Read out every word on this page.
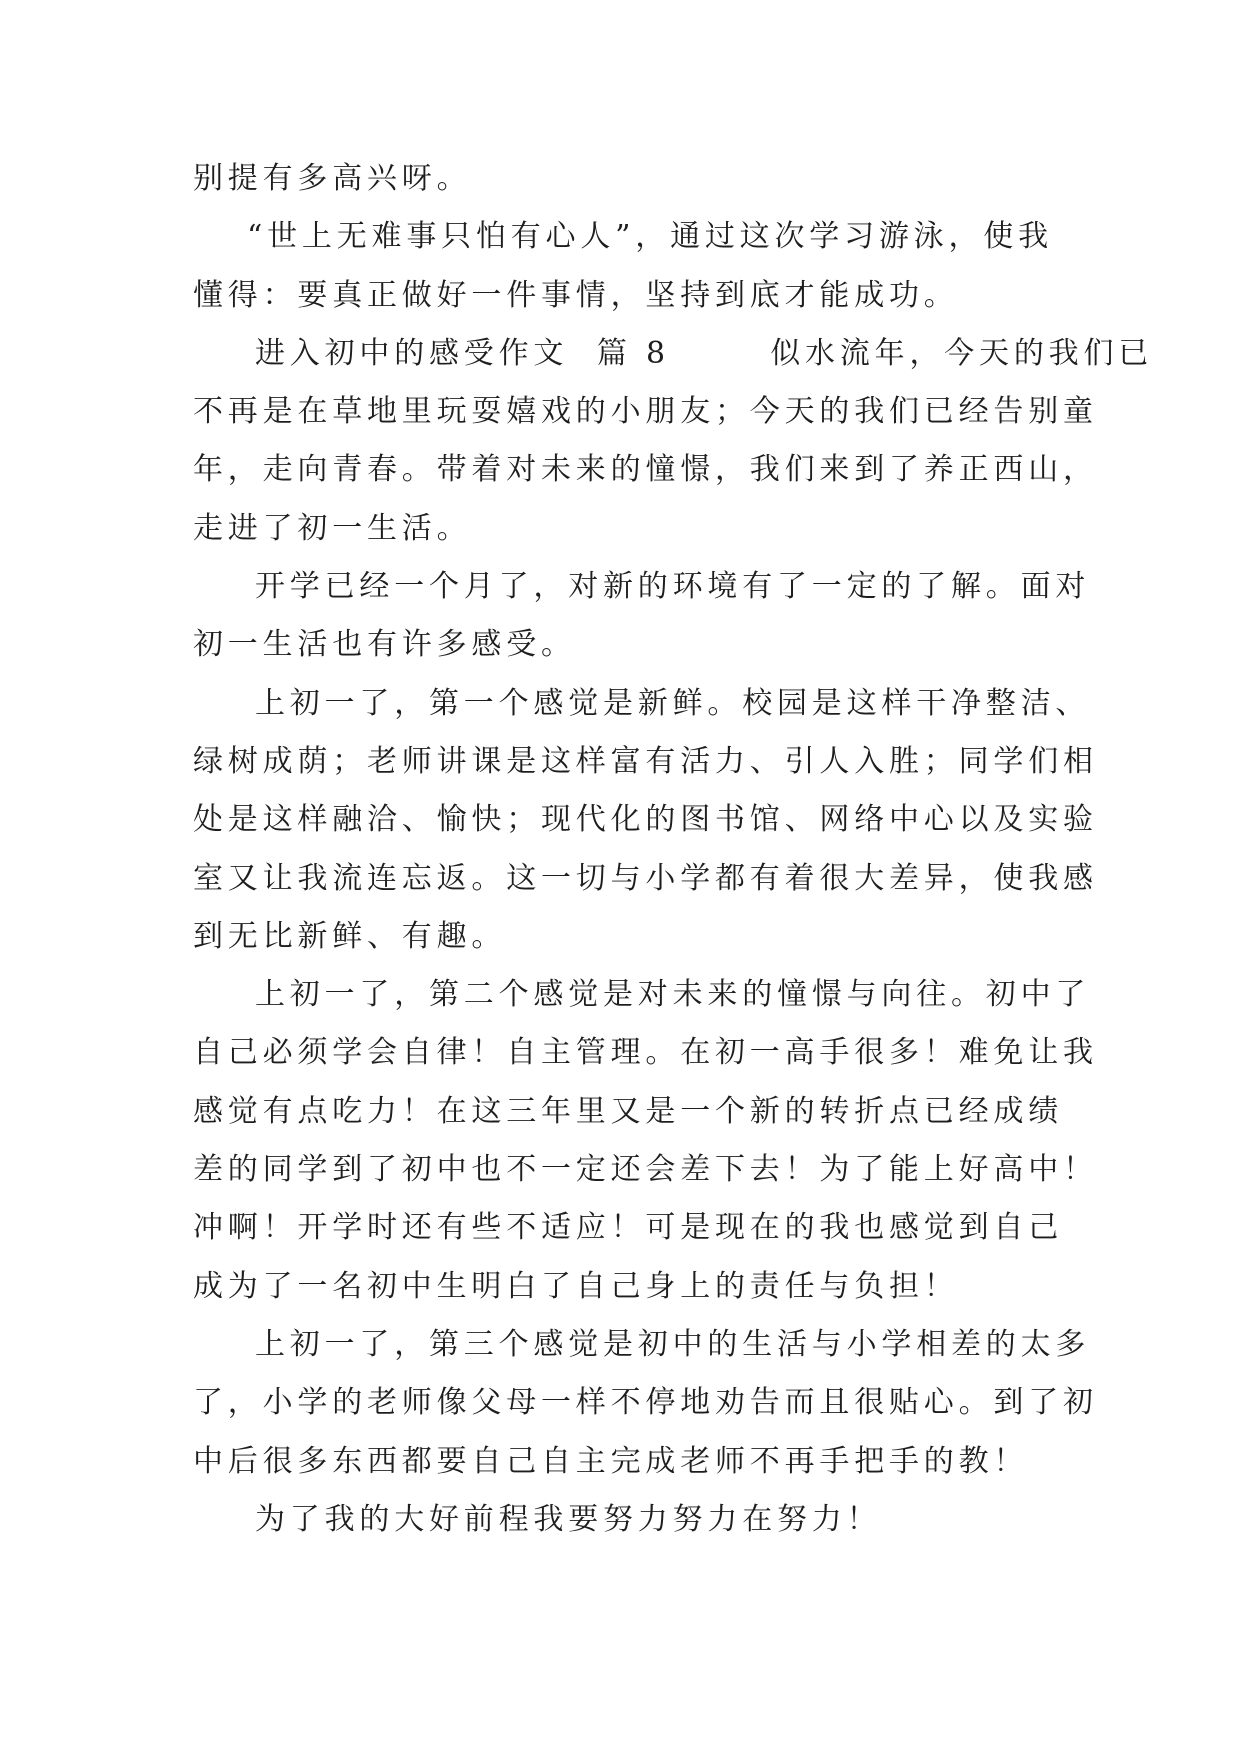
别提有多高兴呀。
“世上无难事只怕有心人”，通过这次学习游泳，使我
懂得：要真正做好一件事情，坚持到底才能成功。
进入初中的感受作文  篇 8       似水流年，今天的我们已
不再是在草地里玩耍嬉戏的小朋友；今天的我们已经告别童
年，走向青春。带着对未来的憧憬，我们来到了养正西山，
走进了初一生活。
开学已经一个月了，对新的环境有了一定的了解。面对
初一生活也有许多感受。
上初一了，第一个感觉是新鲜。校园是这样干净整洁、
绿树成荫；老师讲课是这样富有活力、引人入胜；同学们相
处是这样融洽、愉快；现代化的图书馆、网络中心以及实验
室又让我流连忘返。这一切与小学都有着很大差异，使我感
到无比新鲜、有趣。
上初一了，第二个感觉是对未来的憧憬与向往。初中了
自己必须学会自律！自主管理。在初一高手很多！难免让我
感觉有点吃力！在这三年里又是一个新的转折点已经成绩
差的同学到了初中也不一定还会差下去！为了能上好高中！
冲啊！开学时还有些不适应！可是现在的我也感觉到自己
成为了一名初中生明白了自己身上的责任与负担！
上初一了，第三个感觉是初中的生活与小学相差的太多
了，小学的老师像父母一样不停地劝告而且很贴心。到了初
中后很多东西都要自己自主完成老师不再手把手的教！
为了我的大好前程我要努力努力在努力！
